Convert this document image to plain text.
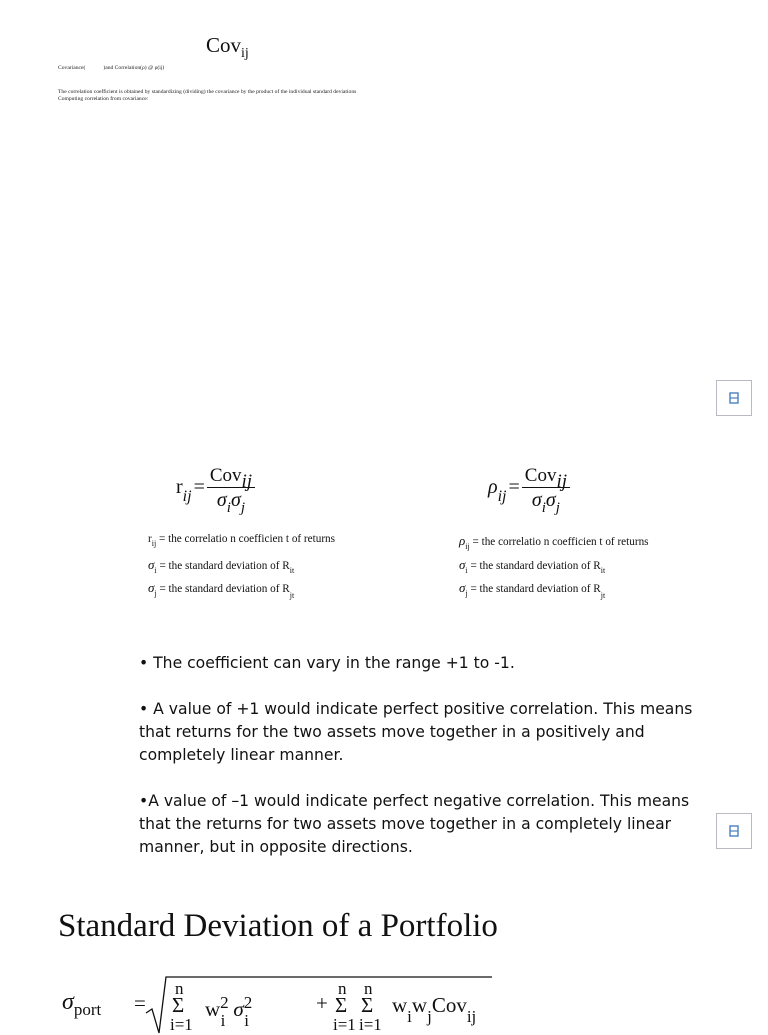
Cov$_{ij}$
Covariance(	)and Correlation(ρ) @ ρ(ij)
The correlation coefficient is obtained by standardizing (dividing) the covariance by the product of the individual standard deviations
Computing correlation from covariance:
rij = $\frac{\text{Covij}}{\sigma_i\sigma_j}$
$r_{ij}$ = the correlatio n coefficien t of returns
$\sigma_i$ = the standard deviation of $R_{it}$
$\sigma_j$ = the standard deviation of $R_{jt}$
$\rho ij = \frac{\text{Covij}}{\sigma_i\sigma_j}$
$\rho_{ij}$ = the correlatio n coefficien t of returns
$\sigma_i$ = the standard deviation of $R_{it}$
$\sigma_j$ = the standard deviation of $R_{jt}$

• The coefficient can vary in the range +1 to -1.

• A value of +1 would indicate perfect positive correlation. This means that returns for the two assets move together in a positively and completely linear manner.

•A value of –1 would indicate perfect negative correlation. This means that the returns for two assets move together in a completely linear manner, but in opposite directions.

Standard Deviation of a Portfolio
$\sigma_{port}$ =
n
Σ
i=1
$w^2_i$ $\sigma^2_i$
+
n
Σ
i=1
n
Σ
i=1
$w_iw_jCov_{ij}$
